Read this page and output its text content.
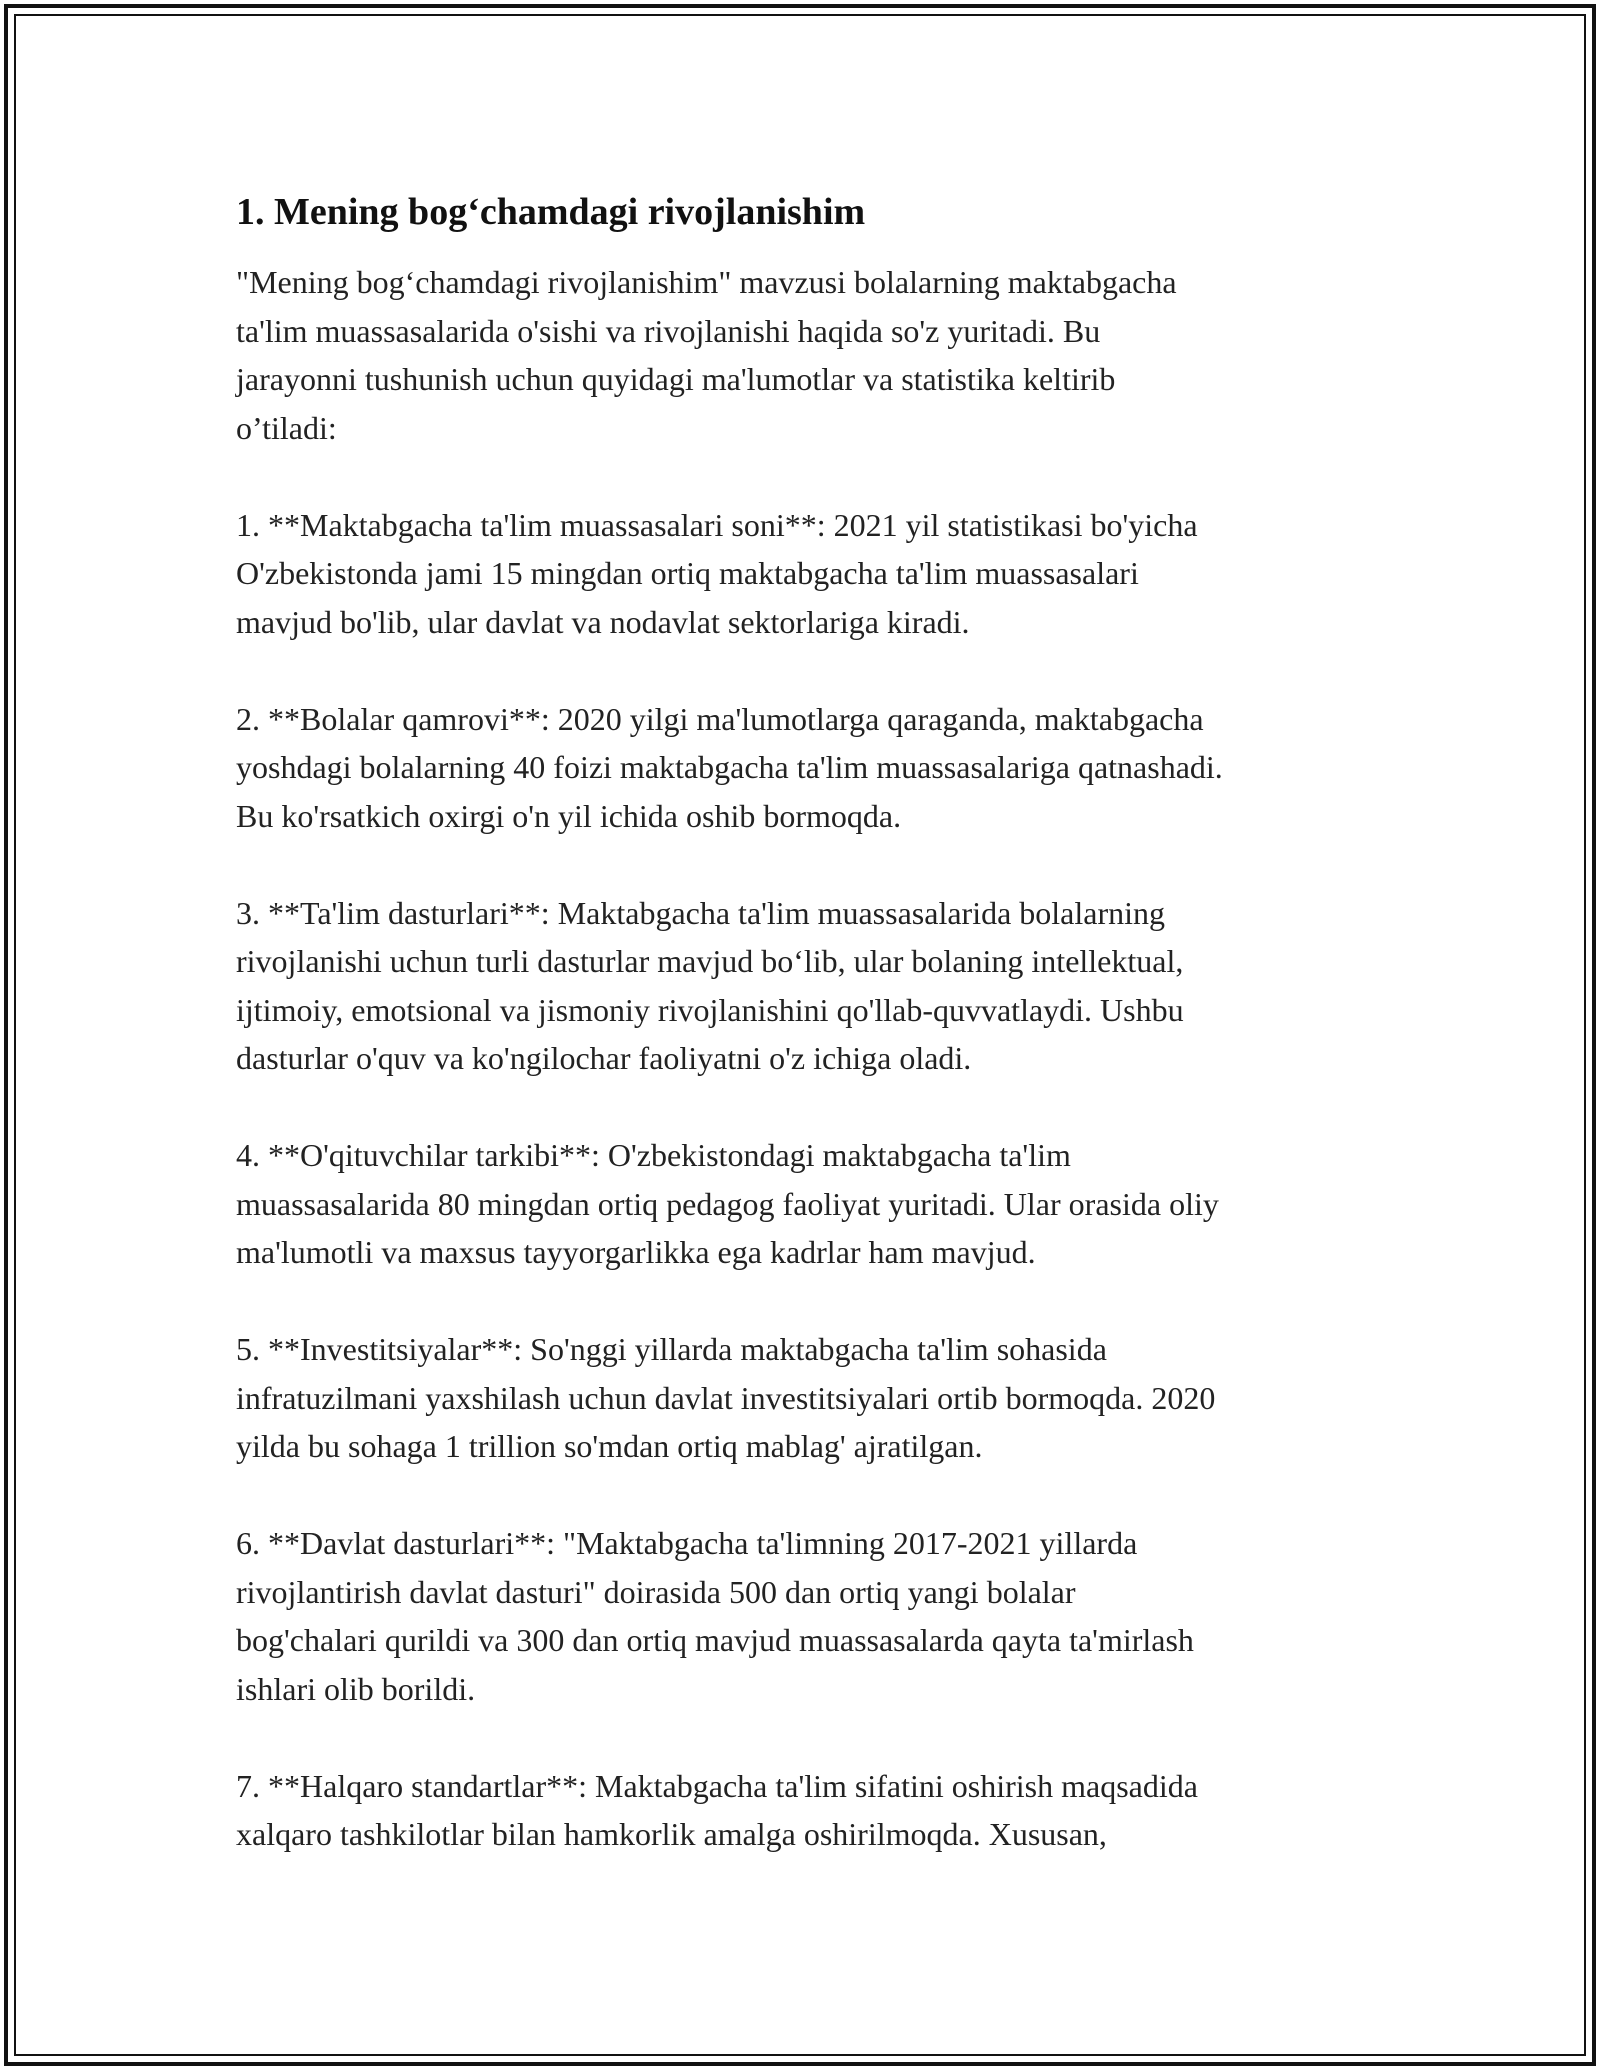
1. Mening bog‘chamdagi rivojlanishim

"Mening bog‘chamdagi rivojlanishim" mavzusi bolalarning maktabgacha
ta'lim muassasalarida o'sishi va rivojlanishi haqida so'z yuritadi. Bu
jarayonni tushunish uchun quyidagi ma'lumotlar va statistika keltirib
o’tiladi:

1. **Maktabgacha ta'lim muassasalari soni**: 2021 yil statistikasi bo'yicha
O'zbekistonda jami 15 mingdan ortiq maktabgacha ta'lim muassasalari
mavjud bo'lib, ular davlat va nodavlat sektorlariga kiradi.

2. **Bolalar qamrovi**: 2020 yilgi ma'lumotlarga qaraganda, maktabgacha
yoshdagi bolalarning 40 foizi maktabgacha ta'lim muassasalariga qatnashadi.
Bu ko'rsatkich oxirgi o'n yil ichida oshib bormoqda.

3. **Ta'lim dasturlari**: Maktabgacha ta'lim muassasalarida bolalarning
rivojlanishi uchun turli dasturlar mavjud bo‘lib, ular bolaning intellektual,
ijtimoiy, emotsional va jismoniy rivojlanishini qo'llab-quvvatlaydi. Ushbu
dasturlar o'quv va ko'ngilochar faoliyatni o'z ichiga oladi.

4. **O'qituvchilar tarkibi**: O'zbekistondagi maktabgacha ta'lim
muassasalarida 80 mingdan ortiq pedagog faoliyat yuritadi. Ular orasida oliy
ma'lumotli va maxsus tayyorgarlikka ega kadrlar ham mavjud.

5. **Investitsiyalar**: So'nggi yillarda maktabgacha ta'lim sohasida
infratuzilmani yaxshilash uchun davlat investitsiyalari ortib bormoqda. 2020
yilda bu sohaga 1 trillion so'mdan ortiq mablag' ajratilgan.

6. **Davlat dasturlari**: "Maktabgacha ta'limning 2017-2021 yillarda
rivojlantirish davlat dasturi" doirasida 500 dan ortiq yangi bolalar
bog'chalari qurildi va 300 dan ortiq mavjud muassasalarda qayta ta'mirlash
ishlari olib borildi.

7. **Halqaro standartlar**: Maktabgacha ta'lim sifatini oshirish maqsadida
xalqaro tashkilotlar bilan hamkorlik amalga oshirilmoqda. Xususan,
